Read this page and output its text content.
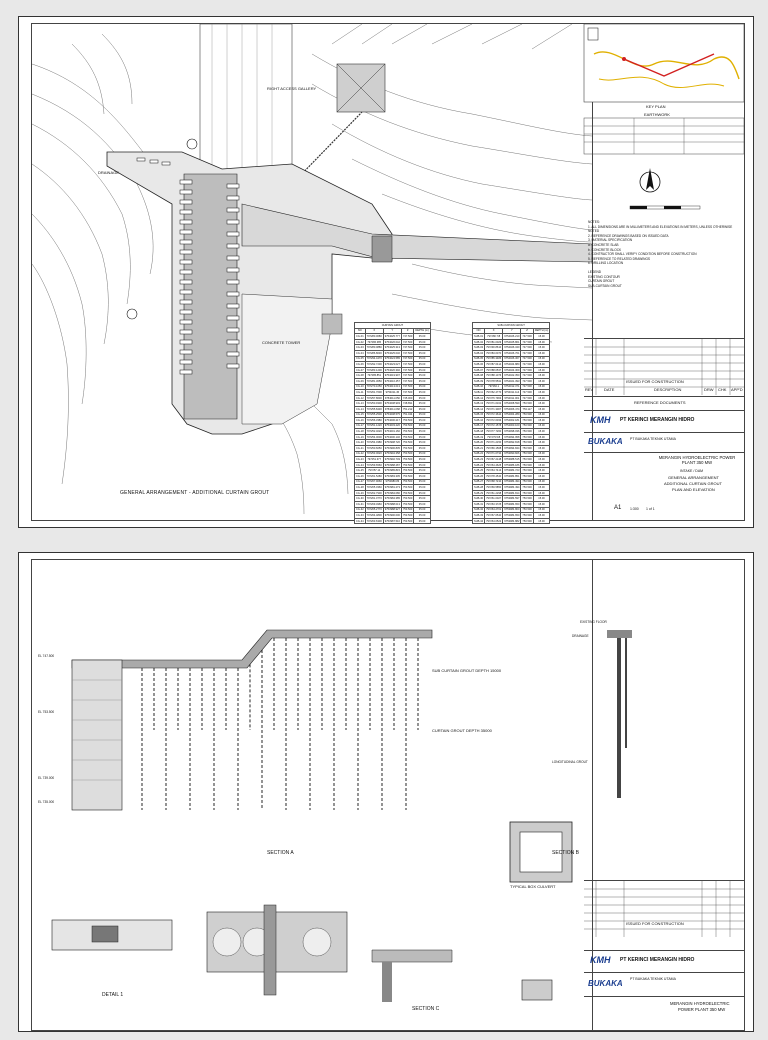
RIGHT ACCESS GALLERY
DRAINAGE
CONCRETE TOWER
CURTAIN GROUT				
NO	X	Y	Z	DEPTH (m)
CG-01	797280.0680	9754025.777	747.500	35.00
CG-02	797286.385	9754026.042	747.500	35.00
CG-03	797280.0880	9754025.313	747.500	35.00
CG-04	797286.8030	9754025.046	747.500	35.00
CG-05	797294.4470	9754024.585	747.500	35.00
CG-06	797292.7200	9754023.027	747.500	35.00
CG-07	797283.1200	9754020.392	747.500	35.00
CG-08	797285.851	9754019.997	747.500	35.00
CG-09	797281.3050	9754016.457	747.500	35.00
CG-10	797270.1050	9754013.013	747.500	35.00
CG-11	797261.7600	9754011.45	747.500	35.00
CG-12	797257.8600	9754011.050	745.000	35.00
CG-13	797250.9300	9754008.993	748.891	35.00
CG-14	797255.8430	9754011.068	751.212	35.00
CG-15	797255.2500	9754008.575	751.044	35.00
CG-16	797256.3380	9754006.217	753.500	35.00
CG-17	797251.1220	9754003.220	753.500	35.00
CG-18	797252.4020	9754001.160	753.500	35.00
CG-19	797254.0000	9754000.146	753.500	35.00
CG-20	797254.0380	9753998.720	753.500	35.00
CG-21	797250.6050	9753996.835	753.500	35.00
CG-22	797253.0620	9753994.358	753.500	35.00
CG-23	797251.377	9753992.749	753.500	35.00
CG-24	797259.6560	9753988.287	753.500	35.00
CG-25	797257.14	9753985.815	753.500	35.00
CG-26	797261.5280	9753983.305	753.500	35.00
CG-27	797267.9060	9753980.83	753.500	35.00
CG-28	797265.0360	9753981.273	753.500	35.00
CG-29	797262.7900	9753984.080	753.500	35.00
CG-30	797261.0770	9753984.385	753.500	35.00
CG-31	797269.4960	9753988.013	753.500	35.00
CG-32	797265.2770	9753988.927	753.500	35.00
CG-33	797264.4800	9753990.000	753.500	35.00
CG-34	797263.6300	9753987.510	753.500	35.00
SUB-CURTAIN GROUT				
NO	X	Y	Z	DEPTH (m)
SUB-01	797280.7/8	9754026.210	747.500	15.00
SUB-02	797281.0029	9754025.861	747.500	15.00
SUB-03	797290.8610	9754026.340	747.500	15.00
SUB-04	797283.6070	9754026.761	747.500	15.00
SUB-05	797285.3486	9754026.367	747.500	15.00
SUB-06	797287.6414	9754024.880	747.500	15.00
SUB-07	797288.0537	9754024.309	747.500	15.00
SUB-08	797288.1076	9754022.350	747.500	15.00
SUB-09	797278.5531	9754021.393	747.500	15.00
SUB-10	797266.1	9754012.371	747.500	15.00
SUB-11	797262.4770	9754011.114	747.500	15.00
SUB-12	797276.7963	9754011.001	747.500	15.00
SUB-13	797271.6162	9754008.599	753.500	15.00
SUB-14	797271.3007	9754006.474	753.117	15.00
SUB-15	797272.3644	9754004.289	753.500	15.00
SUB-16	797272.6033	9754002.181	753.500	15.00
SUB-17	797272.1578	9754000.100	753.500	15.00
SUB-18	797277.7260	9753998.036	753.500	15.00
SUB-19	797279.5/8	9753994.958	753.500	15.00
SUB-20	797271.2150	9753992.818	753.500	15.00
SUB-21	797266.1508	9753994.844	753.500	15.00
SUB-22	797271.0734	9753990.826	753.500	15.00
SUB-23	797267.2148	9753988.515	753.500	15.00
SUB-24	797264.4625	9753986.186	753.500	15.00
SUB-25	797264.7413	9753984.723	753.500	15.00
SUB-26	797278.4540	9753984.851	753.500	15.00
SUB-27	797268.7210	9753984.494	753.500	15.00
SUB-28	797269.5850	9753984.494	753.500	15.00
SUB-29	797261.2298	9753984.814	753.500	15.00
SUB-30	797261.0027	9753984.597	753.500	15.00
SUB-31	797263.3725	9753984.650	753.500	15.00
SUB-32	797264.2701	9753984.800	753.500	15.00
SUB-33	797267.6540	9753984.650	753.500	15.00
SUB-34	797264.0522	9753984.882	753.500	15.00
GENERAL ARRANGEMENT - ADDITIONAL CURTAIN GROUT
KEY PLAN
EARTHWORK
NOTES:
1. ALL DIMENSIONS ARE IN MILLIMETERS AND ELEVATIONS IN METERS, UNLESS OTHERWISE NOTED
2. REFERENCE DRAWINGS BASED ON ISSUED DATA
3. MATERIAL SPECIFICATION
a. CONCRETE SLAB
b. CONCRETE BLOCK
4. CONTRACTOR SHALL VERIFY CONDITION BEFORE CONSTRUCTION
5. REFERENCE TO RELATED DRAWINGS
6. DRILLING LOCATION
LEGEND
EXISTING CONTOUR
CURTAIN GROUT
SUB-CURTAIN GROUT
ISSUED FOR CONSTRUCTION
REV	DATE	DESCRIPTION	DRW CHK APP'D
REFERENCE DOCUMENTS
KMH PT KERINCI MERANGIN HIDRO
BUKAKA PT BUKAKA TEKNIK UTAMA
MERANGIN HYDROELECTRIC POWER PLANT 350 MW
INTAKE / DAM
GENERAL ARRANGEMENT
ADDITIONAL CURTAIN GROUT
PLAN AND ELEVATION
A1 1:300 1 of 1
SUB CURTAIN GROUT DEPTH 15000
CURTAIN GROUT DEPTH 35000
EL 747.500
EL 753.500
EL 739.000
EL 735.000
SECTION A	SECTION B
TYPICAL BOX CULVERT
DETAIL 1
SECTION C
EXISTING FLOOR
DRAINAGE
LONGITUDINAL GROUT
ISSUED FOR CONSTRUCTION
KMH PT KERINCI MERANGIN HIDRO
BUKAKA PT BUKAKA TEKNIK UTAMA
MERANGIN HYDROELECTRIC
POWER PLANT 350 MW
